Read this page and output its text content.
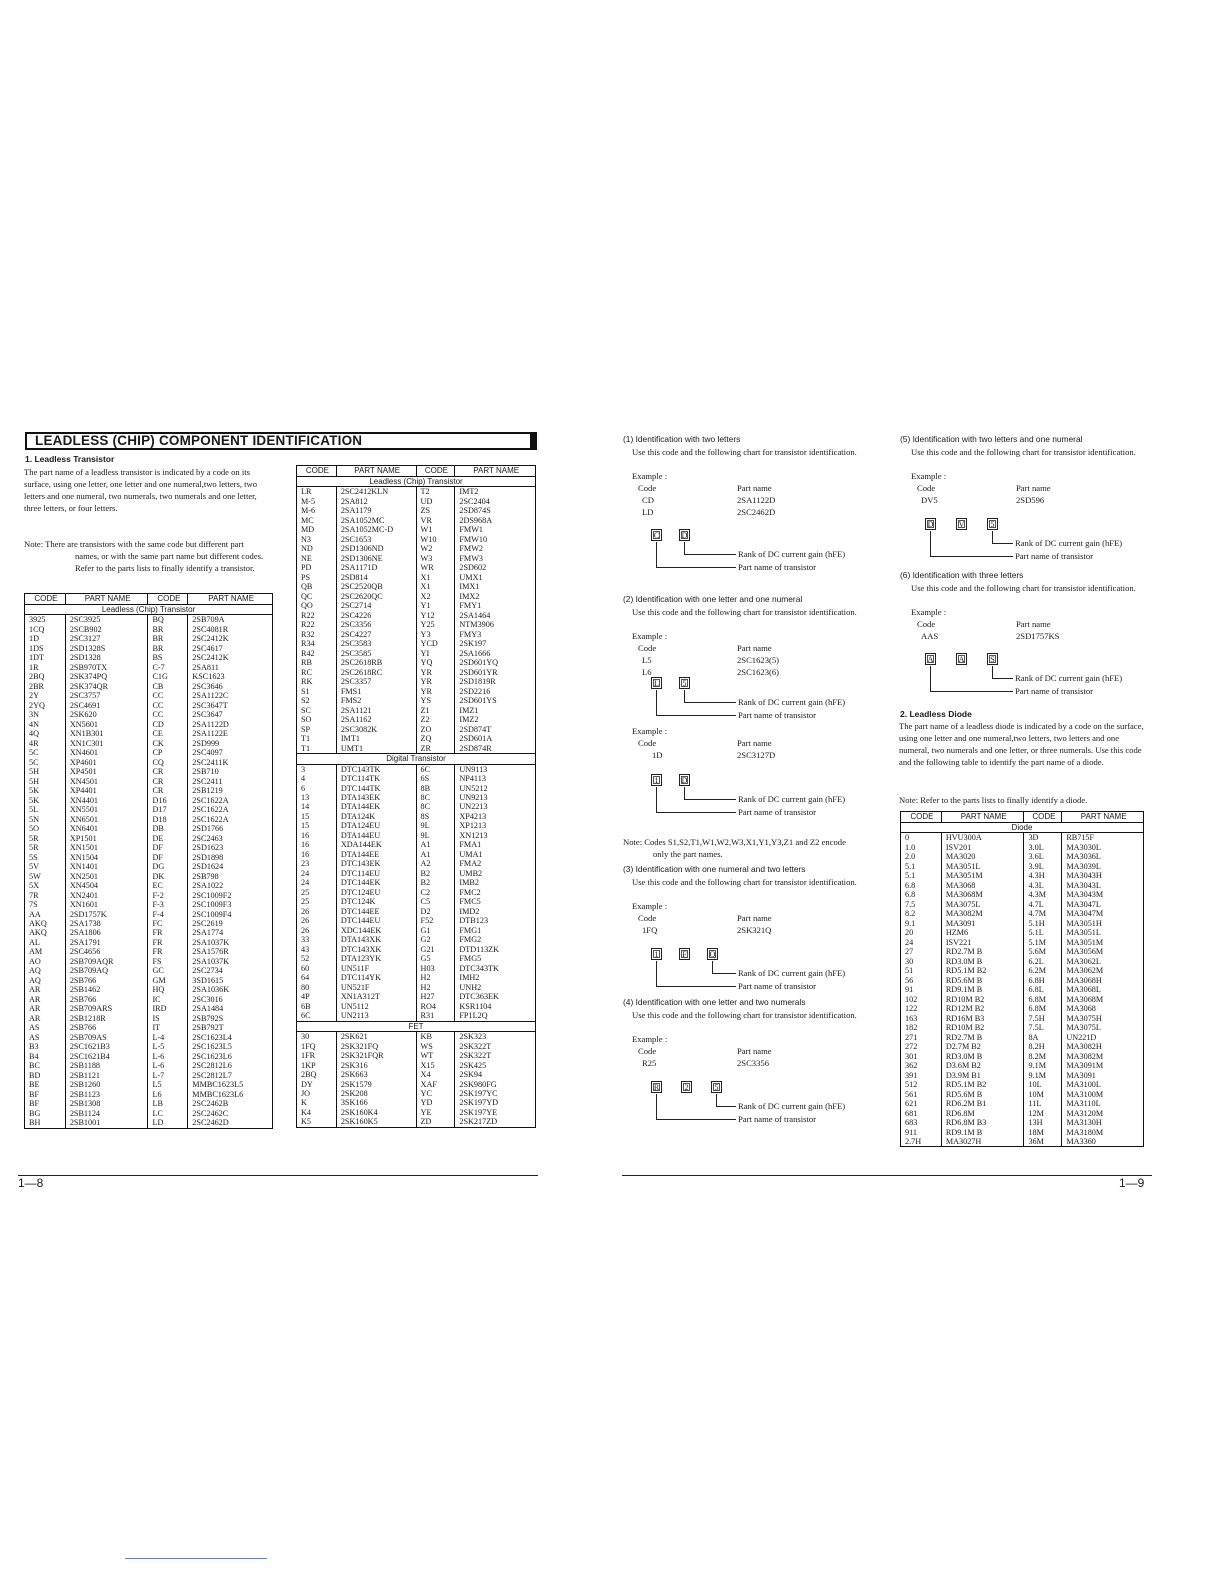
LEADLESS (CHIP) COMPONENT IDENTIFICATION
1. Leadless Transistor
The part name of a leadless transistor is indicated by a code on its surface, using one letter, one letter and one numeral,two letters, two letters and one numeral, two numerals, two numerals and one letter, three letters, or four letters.
Note: There are transistors with the same code but different part names, or with the same part name but different codes. Refer to the parts lists to finally identify a transistor.
CODE	PART NAME	CODE	PART NAME
Leadless (Chip) Transistor			
3925	2SC3925	BQ	2SB709A
1CQ	2SCB902	BR	2SC4081R
1D	2SC3127	BR	2SC2412K
1DS	2SD1328S	BR	2SC4617
1DT	2SD1328	BS	2SC2412K
1R	2SB970TX	C-7	2SA811
2BQ	2SK374PQ	C1G	KSC1623
2BR	2SK374QR	CB	2SC3646
2Y	2SC3757	CC	2SA1122C
2YQ	2SC4691	CC	2SC3647T
3N	2SK620	CC	2SC3647
4N	XN5601	CD	2SA1122D
4Q	XN1B301	CE	2SA1122E
4R	XN1C301	CK	2SD999
5C	XN4601	CP	2SC4097
5C	XP4601	CQ	2SC2411K
5H	XP4501	CR	2SB710
5H	XN4501	CR	2SC2411
5K	XP4401	CR	2SB1219
5K	XN4401	D16	2SC1622A
5L	XN5501	D17	2SC1622A
5N	XN6501	D18	2SC1622A
5O	XN6401	DB	2SD1766
5R	XP1501	DE	2SC2463
5R	XN1501	DF	2SD1623
5S	XN1504	DF	2SD1898
5V	XN1401	DG	2SD1624
5W	XN2501	DK	2SB798
5X	XN4504	EC	2SA1022
7R	XN2401	F-2	2SC1009F2
7S	XN1601	F-3	2SC1009F3
AA	2SD1757K	F-4	2SC1009F4
AKQ	2SA1738	FC	2SC2619
AKQ	2SA1806	FR	2SA1774
AL	2SA1791	FR	2SA1037K
AM	2SC4656	FR	2SA1576R
AO	2SB709AQR	FS	2SA1037K
AQ	2SB709AQ	GC	2SC2734
AQ	2SB766	GM	3SD1615
AR	2SB1462	HQ	2SA1036K
AR	2SB766	IC	2SC3016
AR	2SB709ARS	IRD	2SA1484
AR	2SB1218R	IS	2SB792S
AS	2SB766	IT	2SB792T
AS	2SB709AS	L-4	2SC1623L4
B3	2SC1621B3	L-5	2SC1623L5
B4	2SC1621B4	L-6	2SC1623L6
BC	2SB1188	L-6	2SC2812L6
BD	2SB1121	L-7	2SC2812L7
BE	2SB1260	L5	MMBC1623L5
BF	2SB1123	L6	MMBC1623L6
BF	2SB1308	LB	2SC2462B
BG	2SB1124	LC	2SC2462C
BH	2SB1001	LD	2SC2462D
1—8
CODE	PART NAME	CODE	PART NAME
Leadless (Chip) Transistor			
LR	2SC2412KLN	T2	IMT2
M-5	2SA812	UD	2SC2404
M-6	2SA1179	ZS	2SD874S
MC	2SA1052MC	VR	2DS968A
MD	2SA1052MC-D	W1	FMW1
N3	2SC1653	W10	FMW10
ND	2SD1306ND	W2	FMW2
NE	2SD1306NE	W3	FMW3
PD	2SA1171D	WR	2SD602
PS	2SD814	X1	UMX1
QB	2SC2520QB	X1	IMX1
QC	2SC2620QC	X2	IMX2
QO	2SC2714	Y1	FMY1
R22	2SC4226	Y12	2SA1464
R22	2SC3356	Y25	NTM3906
R32	2SC4227	Y3	FMY3
R34	2SC3583	YCD	2SK197
R42	2SC3585	YI	2SA1666
RB	2SC2618RB	YQ	2SD601YQ
RC	2SC2618RC	YR	2SD601YR
RK	2SC3357	YR	2SD1819R
S1	FMS1	YR	2SD2216
S2	FMS2	YS	2SD601YS
SC	2SA1121	Z1	IMZ1
SO	2SA1162	Z2	IMZ2
SP	2SC3082K	ZO	2SD874T
T1	IMT1	ZQ	2SD601A
T1	UMT1	ZR	2SD874R
Digital Transistor			
3	DTC143TK	6C	UN9113
4	DTC114TK	6S	NP4113
6	DTC144TK	8B	UN5212
13	DTA143EK	8C	UN9213
14	DTA144EK	8C	UN2213
15	DTA124K	8S	XP4213
15	DTA124EU	9L	XP1213
16	DTA144EU	9L	XN1213
16	XDA144EK	A1	FMA1
16	DTA144EE	A1	UMA1
23	DTC143EK	A2	FMA2
24	DTC114EU	B2	UMB2
24	DTC144EK	B2	IMB2
25	DTC124EU	C2	FMC2
25	DTC124K	C5	FMC5
26	DTC144EE	D2	IMD2
26	DTC144EU	F52	DTB123
26	XDC144EK	G1	FMG1
33	DTA143XK	G2	FMG2
43	DTC143XK	G21	DTD113ZK
52	DTA123YK	G5	FMG5
60	UN511F	H03	DTC343TK
64	DTC114YK	H2	IMH2
80	UN521F	H2	UNH2
4P	XN1A312T	H27	DTC363EK
6B	UN5112	RO4	KSR1104
6C	UN2113	R31	FP1L2Q
FET			
30	2SK621	KB	2SK323
1FQ	2SK321FQ	WS	2SK322T
1FR	2SK321FQR	WT	2SK322T
1KP	2SK316	X15	2SK425
2BQ	2SK663	X4	2SK94
DY	2SK1579	XAF	2SK980FG
JO	2SK208	YC	2SK197YC
K	3SK166	YD	2SK197YD
K4	2SK160K4	YE	2SK197YE
K5	2SK160K5	ZD	2SK217ZD
(1) Identification with two letters
Use this code and the following chart for transistor identification.
Example :
Code	Part name
CD	2SA1122D
LD	2SC2462D
C	D
Rank of DC current gain (hFE)
Part name of transistor
(2) Identification with one letter and one numeral
Use this code and the following chart for transistor identification.
Example :
Code	Part name
L5	2SC1623(5)
L6	2SC1623(6)
L	5
Rank of DC current gain (hFE)
Part name of transistor
Example :
Code	Part name
1D	2SC3127D
1	D
Rank of DC current gain (hFE)
Part name of transistor
Note: Codes S1,S2,T1,W1,W2,W3,X1,Y1,Y3,Z1 and Z2 encode only the part names.
(3) Identification with one numeral and two letters
Use this code and the following chart for transistor identification.
Example :
Code	Part name
1FQ	2SK321Q
1	F	Q
Rank of DC current gain (hFE)
Part name of transistor
(4) Identification with one letter and two numerals
Use this code and the following chart for transistor identification.
Example :
Code	Part name
R25	2SC3356
R	2	5
Rank of DC current gain (hFE)
Part name of transistor
(5) Identification with two letters and one numeral
Use this code and the following chart for transistor identification.
Example :
Code	Part name
DV5	2SD596
D	V	5
Rank of DC current gain (hFE)
Part name of transistor
(6) Identification with three letters
Use this code and the following chart for transistor identification.
Example :
Code	Part name
AAS	2SD1757KS
A	A	S
Rank of DC current gain (hFE)
Part name of transistor
2. Leadless Diode
The part name of a leadless diode is indicated by a code on the surface, using one letter and one numeral,two letters, two letters and one numeral, two numerals and one letter, or three numerals. Use this code and the following table to identify the part name of a diode.
Note: Refer to the parts lists to finally identify a diode.
CODE	PART NAME	CODE	PART NAME
Diode			
0	HVU300A	3D	RB715F
1.0	ISV201	3.0L	MA3030L
2.0	MA3020	3.6L	MA3036L
5.1	MA3051L	3.9L	MA3039L
5.1	MA3051M	4.3H	MA3043H
6.8	MA3068	4.3L	MA3043L
6.8	MA3068M	4.3M	MA3043M
7.5	MA3075L	4.7L	MA3047L
8.2	MA3082M	4.7M	MA3047M
9.1	MA3091	5.1H	MA3051H
20	HZM6	5.1L	MA3051L
24	ISV221	5.1M	MA3051M
27	RD2.7M B	5.6M	MA3056M
30	RD3.0M B	6.2L	MA3062L
51	RD5.1M B2	6.2M	MA3062M
56	RD5.6M B	6.8H	MA3068H
91	RD9.1M B	6.8L	MA3068L
102	RD10M B2	6.8M	MA3068M
122	RD12M B2	6.8M	MA3068
163	RD16M B3	7.5H	MA3075H
182	RD10M B2	7.5L	MA3075L
271	RD2.7M B	8A	UN221D
272	D2.7M B2	8.2H	MA3082H
301	RD3.0M B	8.2M	MA3082M
362	D3.6M B2	9.1M	MA3091M
391	D3.9M B1	9.1M	MA3091
512	RD5.1M B2	10L	MA3100L
561	RD5.6M B	10M	MA3100M
621	RD6.2M B1	11L	MA3110L
681	RD6.8M	12M	MA3120M
683	RD6.8M B3	13H	MA3130H
911	RD9.1M B	18M	MA3180M
2.7H	MA3027H	36M	MA3360
1—9
